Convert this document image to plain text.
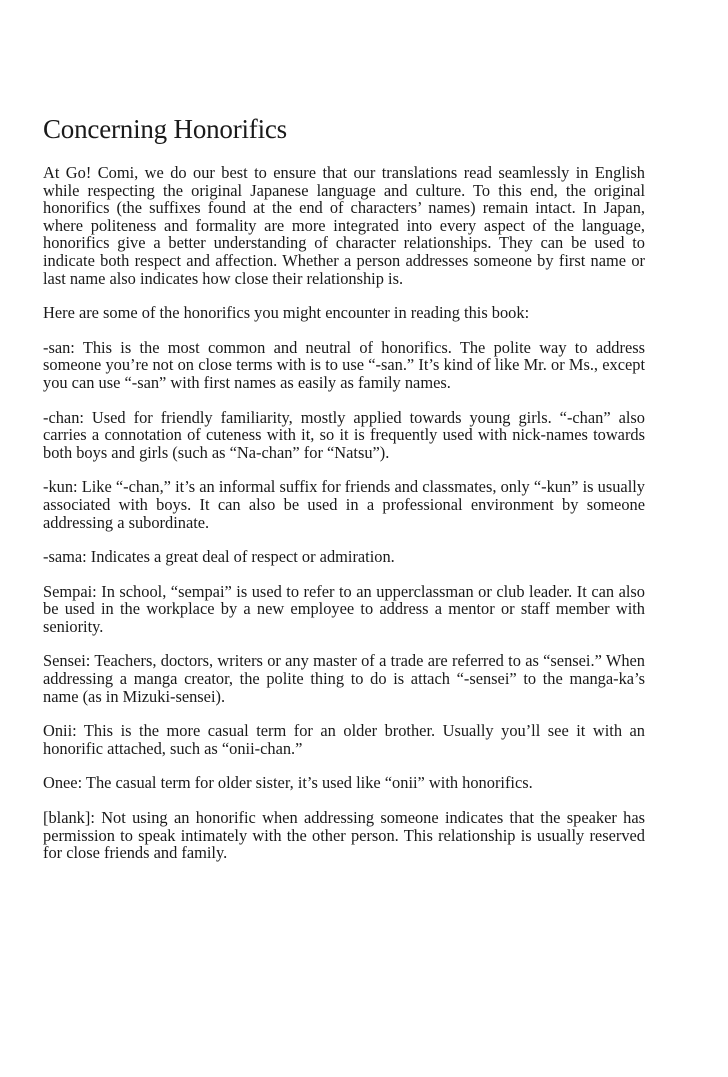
Concerning Honorifics

At Go! Comi, we do our best to ensure that our translations read seamlessly in English while respecting the original Japanese language and culture. To this end, the original honorifics (the suffixes found at the end of characters’ names) remain intact. In Japan, where politeness and formality are more integrated into every aspect of the language, honorifics give a better understanding of character relationships. They can be used to indicate both respect and affection. Whether a person addresses someone by first name or last name also indicates how close their relationship is.

Here are some of the honorifics you might encounter in reading this book:

-san: This is the most common and neutral of honorifics. The polite way to address someone you’re not on close terms with is to use “-san.” It’s kind of like Mr. or Ms., except you can use “-san” with first names as easily as family names.

-chan: Used for friendly familiarity, mostly applied towards young girls. “-chan” also carries a connotation of cuteness with it, so it is frequently used with nick-names towards both boys and girls (such as “Na-chan” for “Natsu”).

-kun: Like “-chan,” it’s an informal suffix for friends and classmates, only “-kun” is usually associated with boys. It can also be used in a professional environment by someone addressing a subordinate.

-sama: Indicates a great deal of respect or admiration.

Sempai: In school, “sempai” is used to refer to an upperclassman or club leader. It can also be used in the workplace by a new employee to address a mentor or staff member with seniority.

Sensei: Teachers, doctors, writers or any master of a trade are referred to as “sensei.” When addressing a manga creator, the polite thing to do is attach “-sensei” to the manga-ka’s name (as in Mizuki-sensei).

Onii: This is the more casual term for an older brother. Usually you’ll see it with an honorific attached, such as “onii-chan.”

Onee: The casual term for older sister, it’s used like “onii” with honorifics.

[blank]: Not using an honorific when addressing someone indicates that the speaker has permission to speak intimately with the other person. This relationship is usually reserved for close friends and family.
